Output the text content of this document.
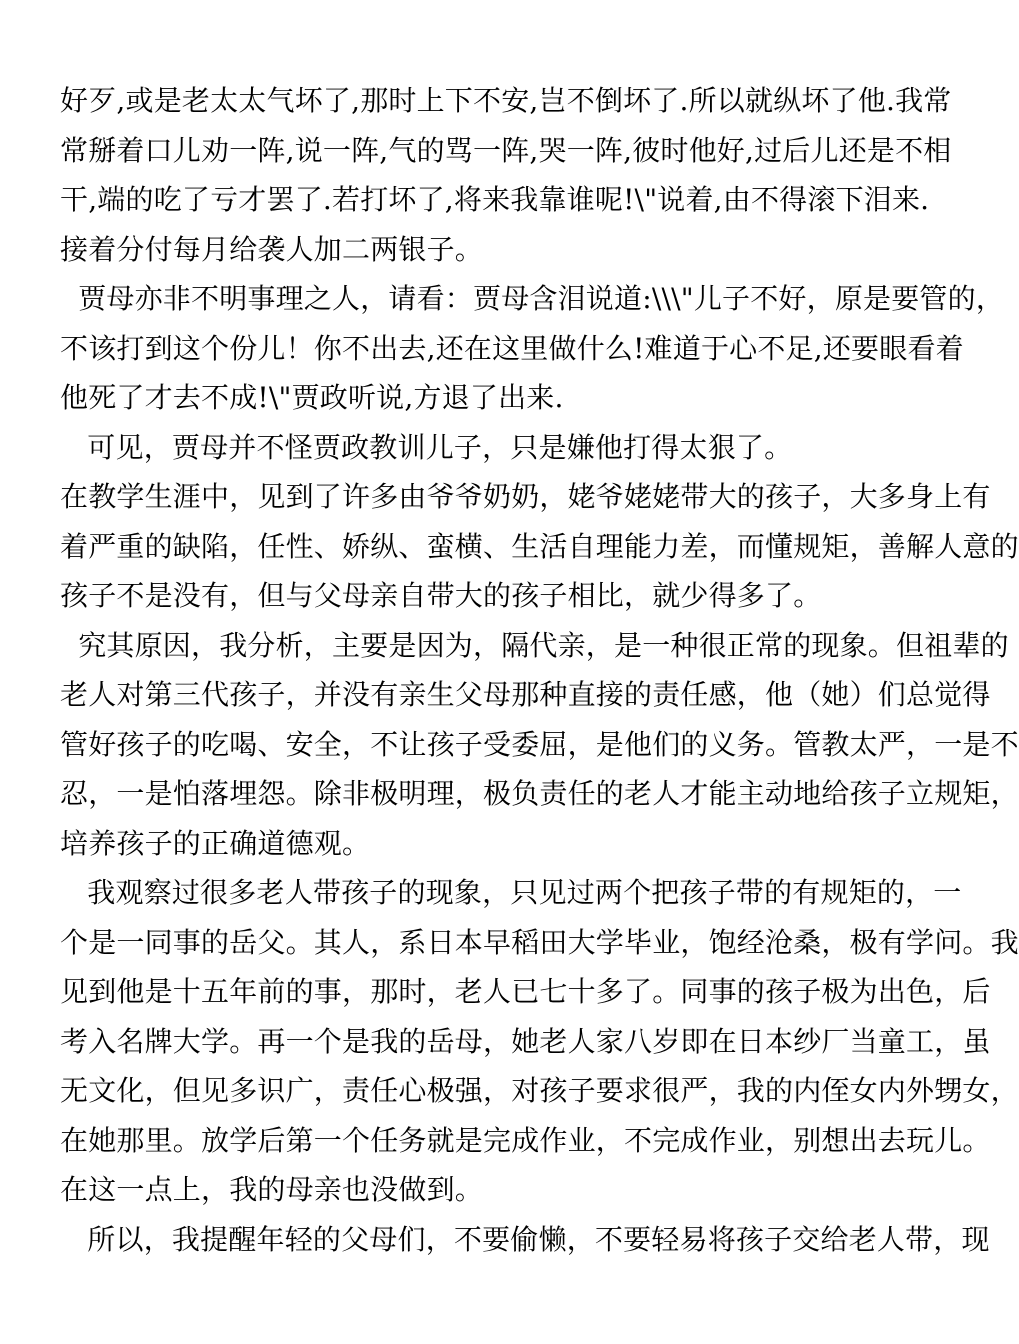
好歹,或是老太太气坏了,那时上下不安,岂不倒坏了.所以就纵坏了他.我常
常掰着口儿劝一阵,说一阵,气的骂一阵,哭一阵,彼时他好,过后儿还是不相
干,端的吃了亏才罢了.若打坏了,将来我靠谁呢!\"说着,由不得滚下泪来.
接着分付每月给袭人加二两银子。
贾母亦非不明事理之人，请看：贾母含泪说道:\\\"儿子不好，原是要管的，
不该打到这个份儿！你不出去,还在这里做什么!难道于心不足,还要眼看着
他死了才去不成!\"贾政听说,方退了出来.
可见，贾母并不怪贾政教训儿子，只是嫌他打得太狠了。
在教学生涯中，见到了许多由爷爷奶奶，姥爷姥姥带大的孩子，大多身上有
着严重的缺陷，任性、娇纵、蛮横、生活自理能力差，而懂规矩，善解人意的
孩子不是没有，但与父母亲自带大的孩子相比，就少得多了。
究其原因，我分析，主要是因为，隔代亲，是一种很正常的现象。但祖辈的
老人对第三代孩子，并没有亲生父母那种直接的责任感，他（她）们总觉得
管好孩子的吃喝、安全，不让孩子受委屈，是他们的义务。管教太严，一是不
忍，一是怕落埋怨。除非极明理，极负责任的老人才能主动地给孩子立规矩，
培养孩子的正确道德观。
我观察过很多老人带孩子的现象，只见过两个把孩子带的有规矩的，一
个是一同事的岳父。其人，系日本早稻田大学毕业，饱经沧桑，极有学问。我
见到他是十五年前的事，那时，老人已七十多了。同事的孩子极为出色，后
考入名牌大学。再一个是我的岳母，她老人家八岁即在日本纱厂当童工，虽
无文化，但见多识广，责任心极强，对孩子要求很严，我的内侄女内外甥女，
在她那里。放学后第一个任务就是完成作业，不完成作业，别想出去玩儿。
在这一点上，我的母亲也没做到。
所以，我提醒年轻的父母们，不要偷懒，不要轻易将孩子交给老人带，现
